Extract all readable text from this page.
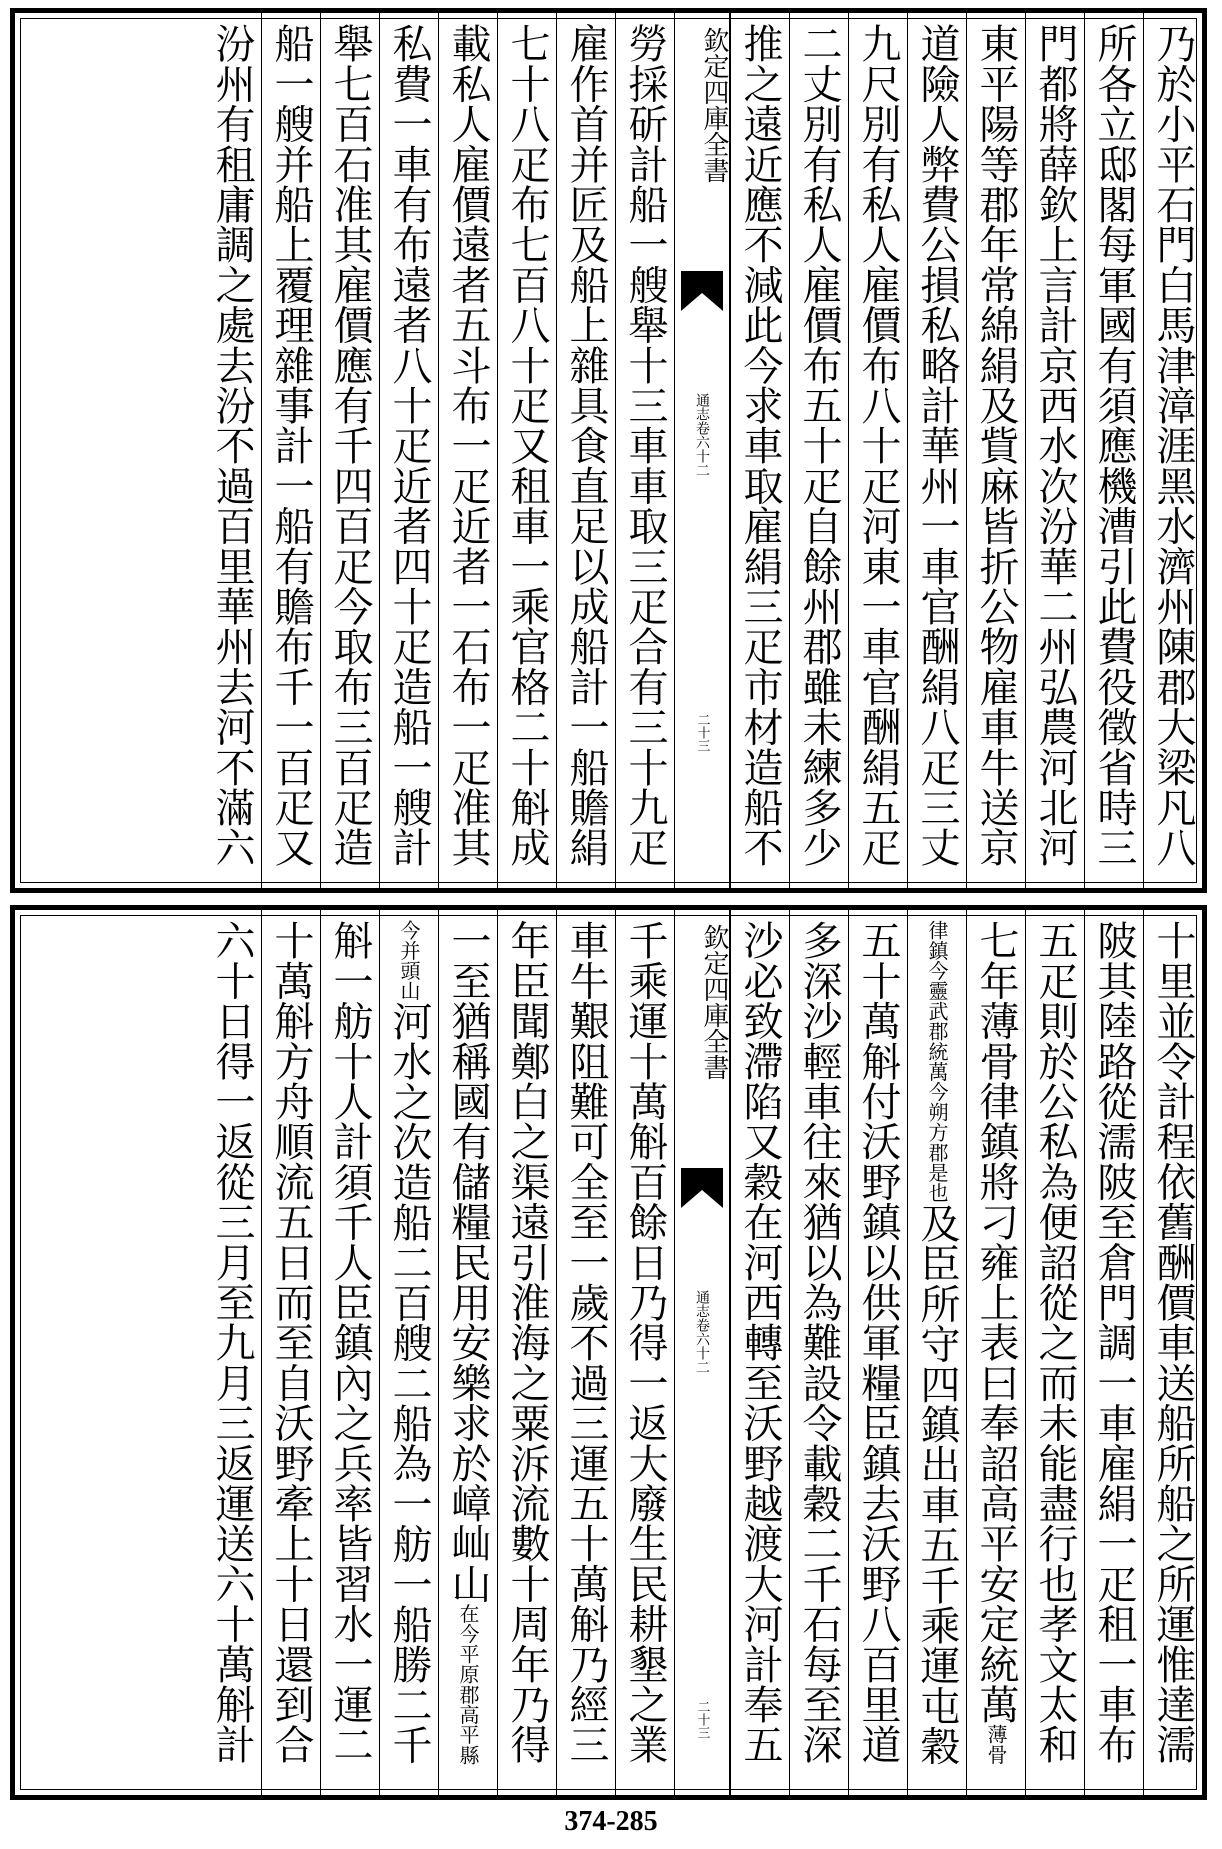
乃於小平石門白馬津漳涯黑水濟州陳郡大梁凡八
所各立邸閣每軍國有須應機漕引此費役徵省時三
門都將薛欽上言計京西水次汾華二州弘農河北河
東平陽等郡年常綿絹及貲麻皆折公物雇車牛送京
道險人弊費公損私略計華州一車官酬絹八疋三丈
九尺別有私人雇價布八十疋河東一車官酬絹五疋
二丈別有私人雇價布五十疋自餘州郡雖未練多少
推之遠近應不減此今求車取雇絹三疋市材造船不
欽定四庫全書
通志卷六十二
二十三
勞採斫計船一艘舉十三車車取三疋合有三十九疋
雇作首并匠及船上雜具食直足以成船計一船贍絹
七十八疋布七百八十疋又租車一乘官格二十斛成
載私人雇價遠者五斗布一疋近者一石布一疋准其
私費一車有布遠者八十疋近者四十疋造船一艘計
舉七百石准其雇價應有千四百疋今取布三百疋造
船一艘并船上覆理雜事計一船有贍布千一百疋又
汾州有租庸調之處去汾不過百里華州去河不滿六
十里並令計程依舊酬價車送船所船之所運惟達濡
陂其陸路從濡陂至倉門調一車雇絹一疋租一車布
五疋則於公私為便詔從之而未能盡行也孝文太和
七年薄骨律鎮將刁雍上表曰奉詔高平安定統萬薄骨
律鎮今靈武郡統萬今朔方郡是也及臣所守四鎮出車五千乘運屯穀
五十萬斛付沃野鎮以供軍糧臣鎮去沃野八百里道
多深沙輕車往來猶以為難設令載穀二千石每至深
沙必致滯陷又穀在河西轉至沃野越渡大河計奉五
欽定四庫全書
通志卷六十二
二十三
千乘運十萬斛百餘日乃得一返大廢生民耕墾之業
車牛艱阻難可全至一歲不過三運五十萬斛乃經三
年臣聞鄭白之渠遠引淮海之粟泝流數十周年乃得
一至猶稱國有儲糧民用安樂求於嶂屾山在今平原郡高平縣
今并頭山河水之次造船二百艘二船為一舫一船勝二千
斛一舫十人計須千人臣鎮內之兵率皆習水一運二
十萬斛方舟順流五日而至自沃野牽上十日還到合
六十日得一返從三月至九月三返運送六十萬斛計
374-285
